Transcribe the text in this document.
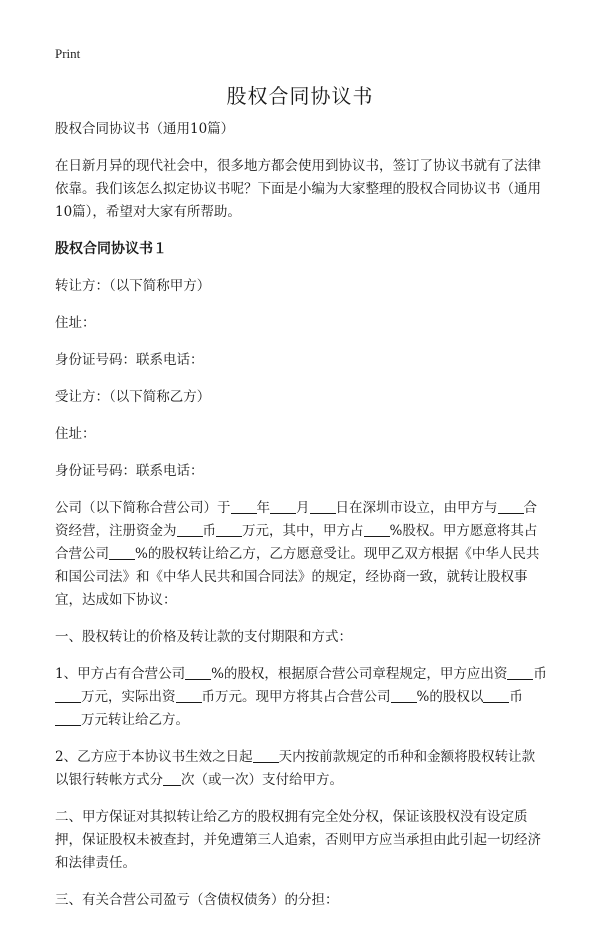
Print
股权合同协议书

股权合同协议书（通用10篇）

在日新月异的现代社会中，很多地方都会使用到协议书，签订了协议书就有了法律依靠。我们该怎么拟定协议书呢？下面是小编为大家整理的股权合同协议书（通用10篇），希望对大家有所帮助。

股权合同协议书１

转让方：（以下简称甲方）

住址：

身份证号码：联系电话：

受让方：（以下简称乙方）

住址：

身份证号码：联系电话：

公司（以下简称合营公司）于 年 月 日在深圳市设立，由甲方与 合资经营，注册资金为 币 万元，其中，甲方占 %股权。甲方愿意将其占合营公司 %的股权转让给乙方，乙方愿意受让。现甲乙双方根据《中华人民共和国公司法》和《中华人民共和国合同法》的规定，经协商一致，就转让股权事宜，达成如下协议：

一、股权转让的价格及转让款的支付期限和方式：

1、甲方占有合营公司 %的股权，根据原合营公司章程规定，甲方应出资 币万元，实际出资 币万元。现甲方将其占合营公司 %的股权以 币万元转让给乙方。

2、乙方应于本协议书生效之日起 天内按前款规定的币种和金额将股权转让款以银行转帐方式分 次（或一次）支付给甲方。

二、甲方保证对其拟转让给乙方的股权拥有完全处分权，保证该股权没有设定质押，保证股权未被查封，并免遭第三人追索，否则甲方应当承担由此引起一切经济和法律责任。

三、有关合营公司盈亏（含债权债务）的分担：
